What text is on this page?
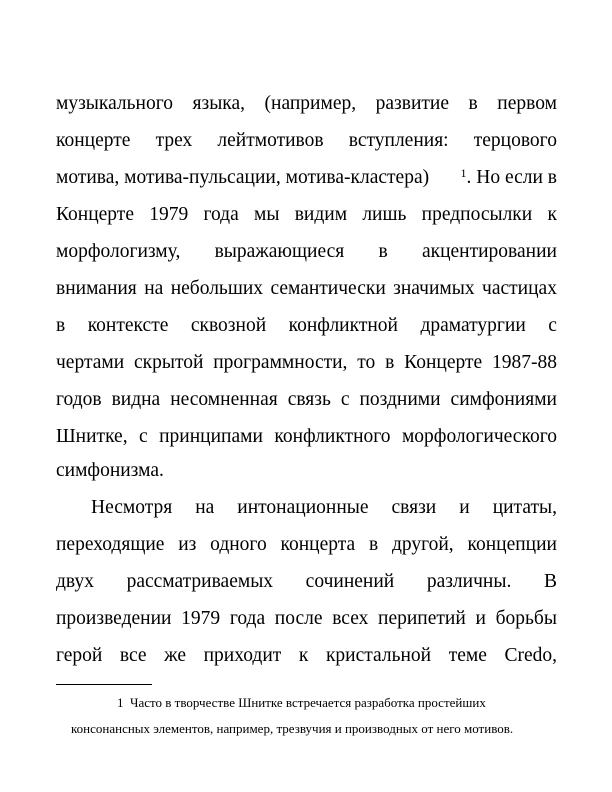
музыкального языка, (например, развитие в первом
концерте трех лейтмотивов вступления: терцового
мотива, мотива-пульсации, мотива-кластера)	$^1$. Но если в
Концерте 1979 года мы видим лишь предпосылки к
морфологизму, выражающиеся в акцентировании
внимания на небольших семантически значимых частицах
в контексте сквозной конфликтной драматургии с
чертами скрытой программности, то в Концерте 1987-88
годов видна несомненная связь с поздними симфониями
Шнитке, с принципами конфликтного морфологического
симфонизма.
Несмотря на интонационные связи и цитаты,
переходящие из одного концерта в другой, концепции
двух рассматриваемых сочинений различны. В
произведении 1979 года после всех перипетий и борьбы
герой все же приходит к кристальной теме Credo,
1 Часто в творчестве Шнитке встречается разработка простейших
консонансных элементов, например, трезвучия и производных от него мотивов.
